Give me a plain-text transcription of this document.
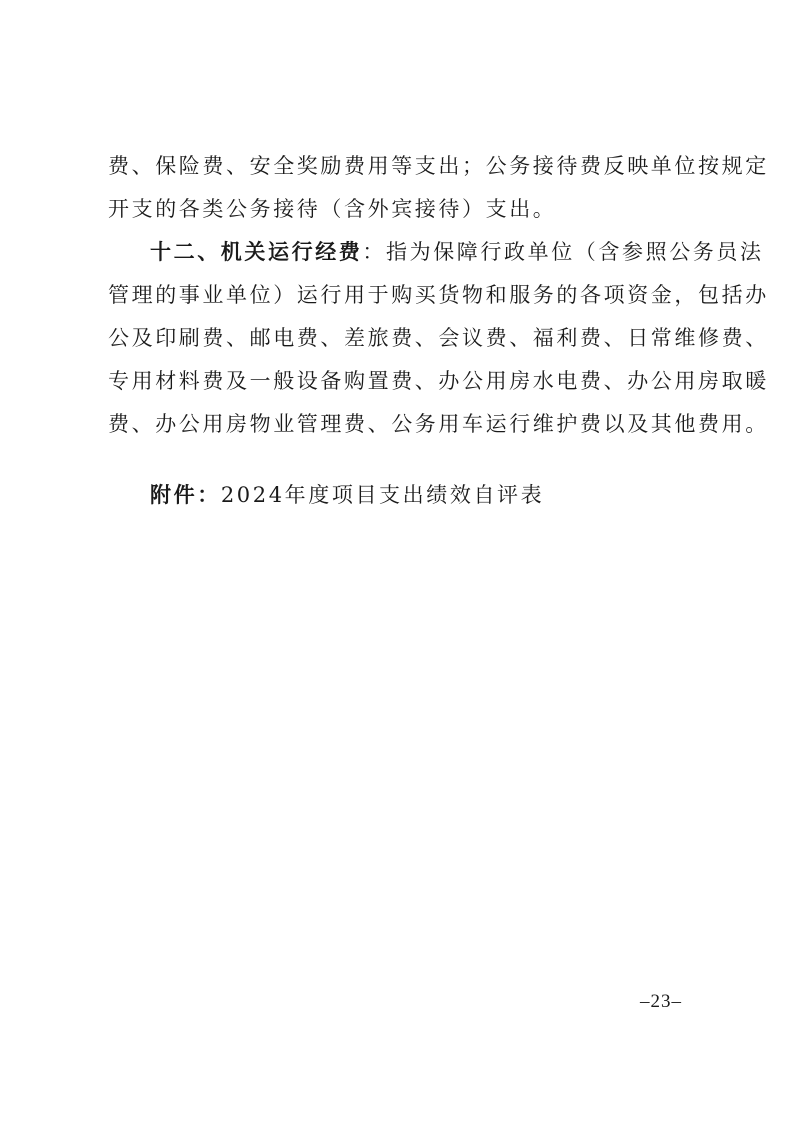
费、保险费、安全奖励费用等支出；公务接待费反映单位按规定
开支的各类公务接待（含外宾接待）支出。
十二、机关运行经费：指为保障行政单位（含参照公务员法
管理的事业单位）运行用于购买货物和服务的各项资金，包括办
公及印刷费、邮电费、差旅费、会议费、福利费、日常维修费、
专用材料费及一般设备购置费、办公用房水电费、办公用房取暖
费、办公用房物业管理费、公务用车运行维护费以及其他费用。
附件：2024年度项目支出绩效自评表
–23–
